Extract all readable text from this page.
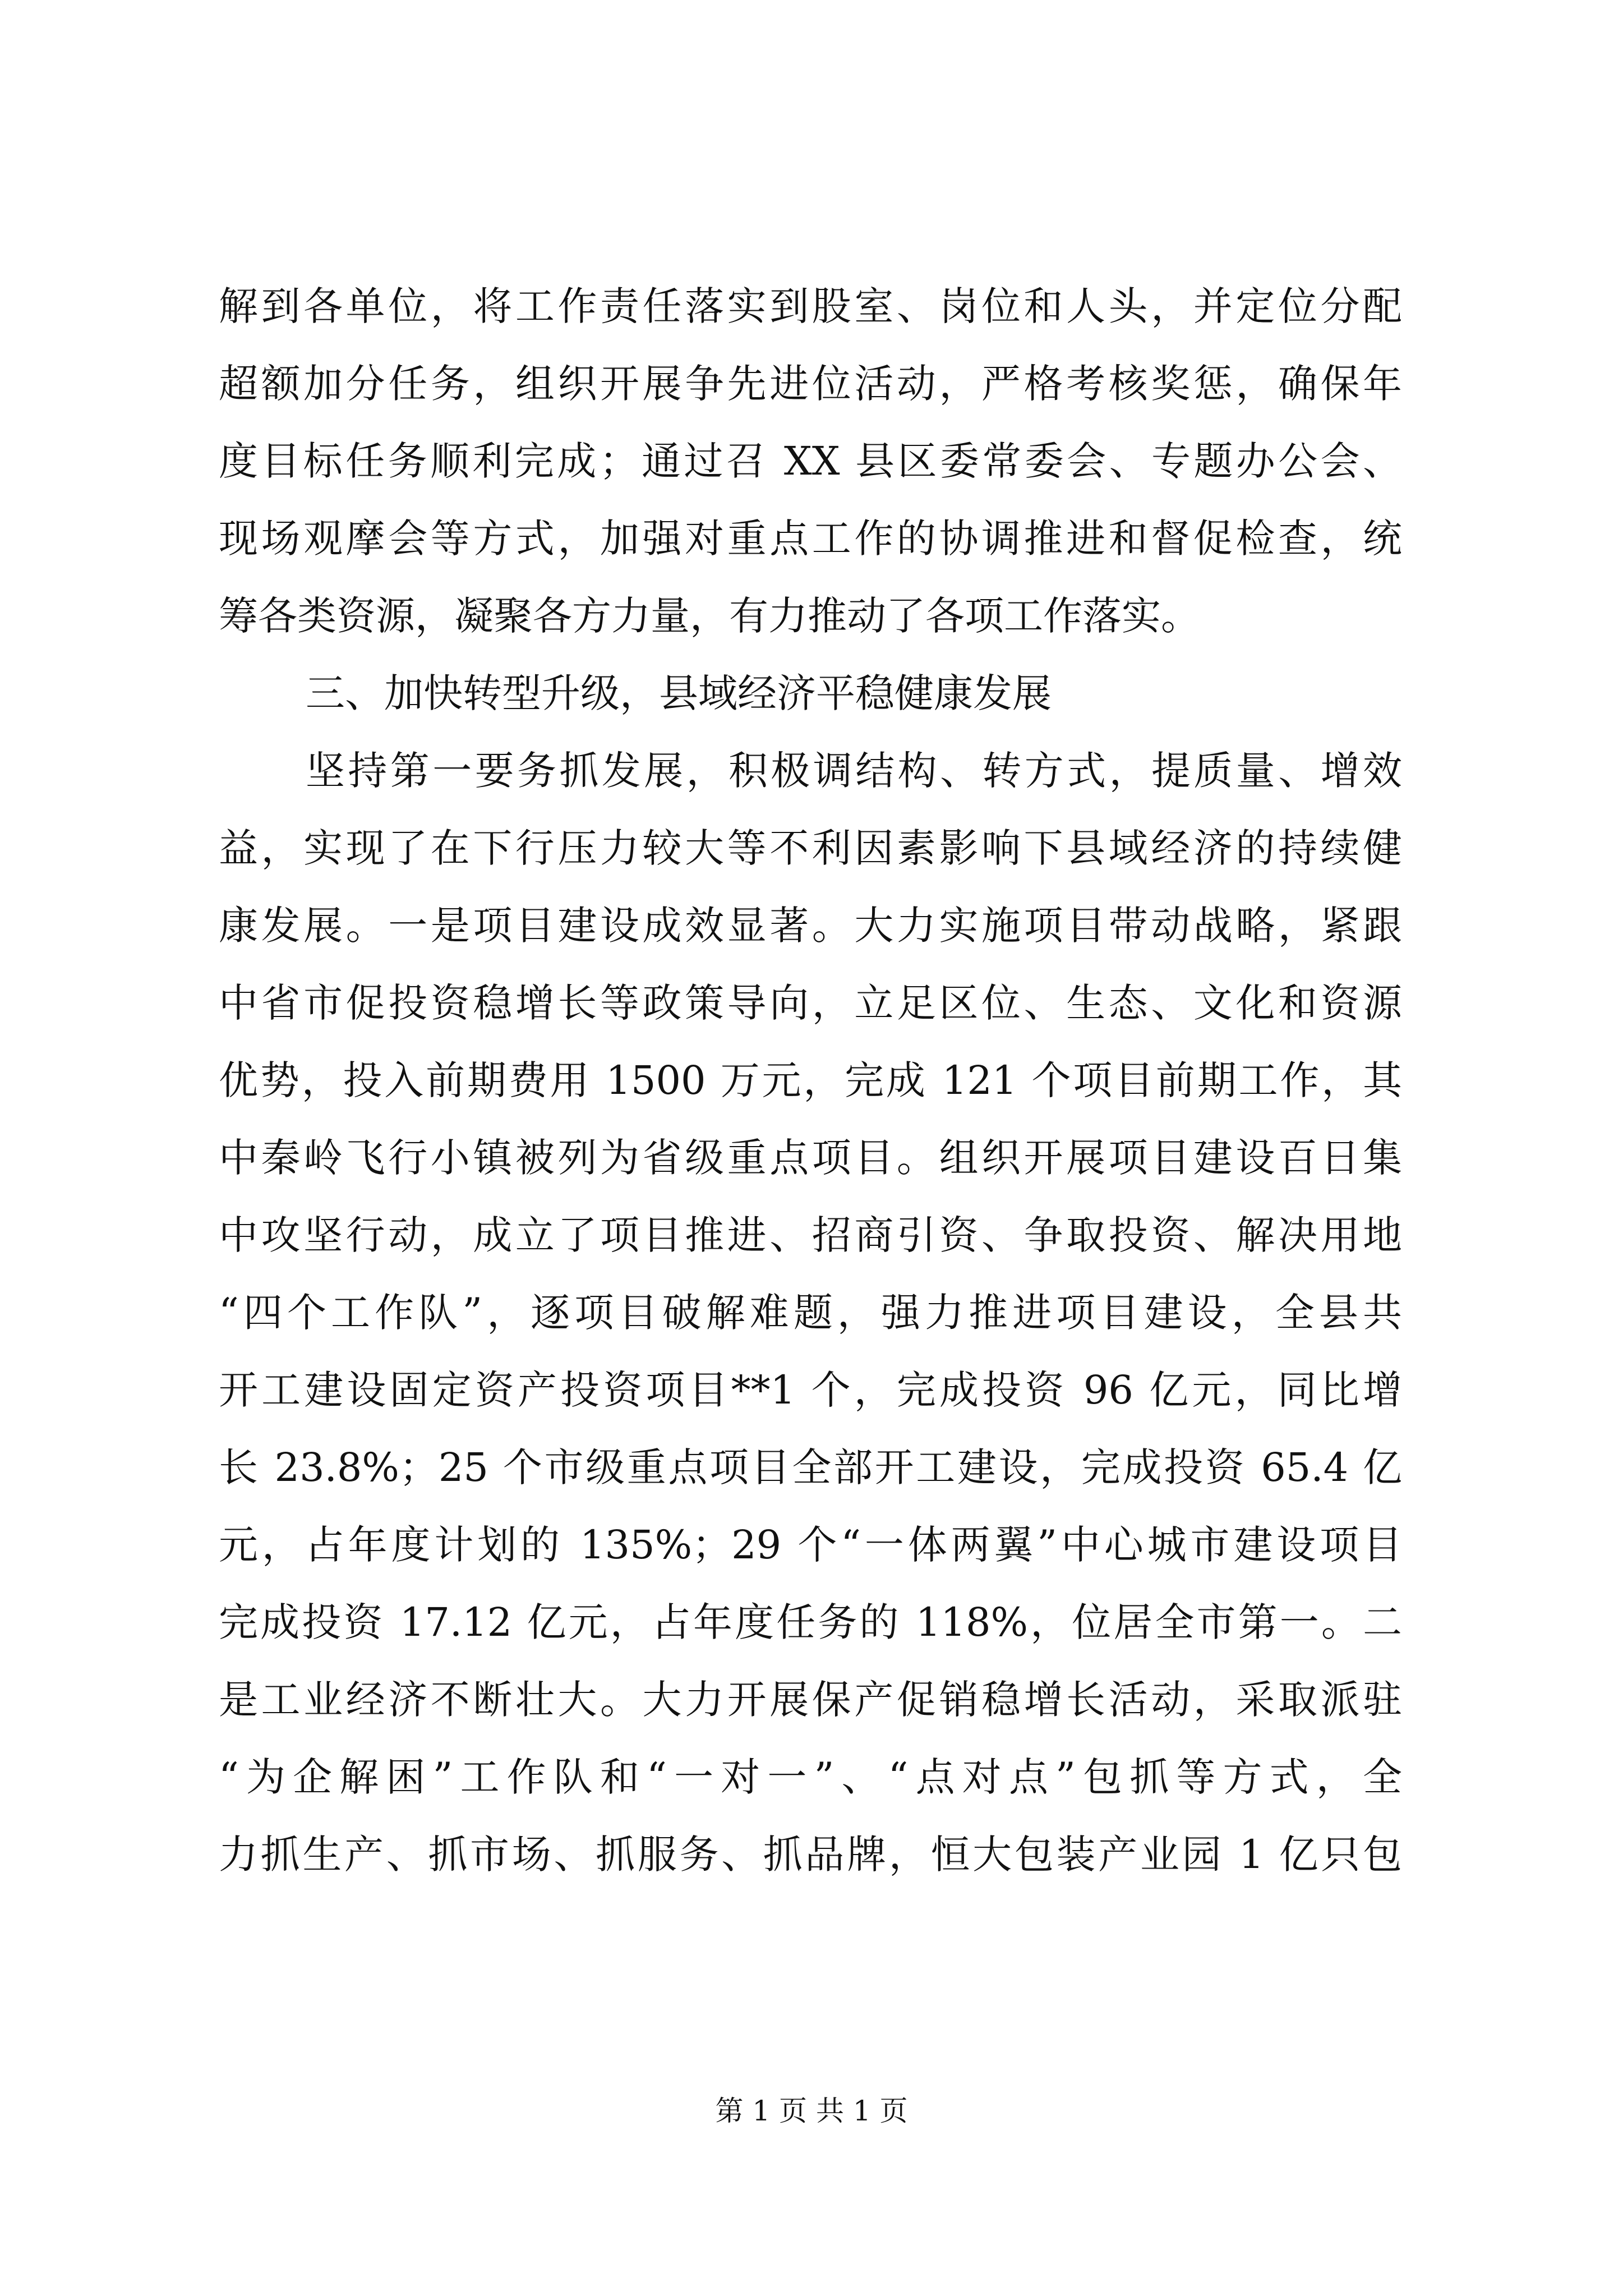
解到各单位，将工作责任落实到股室、岗位和人头，并定位分配

超额加分任务，组织开展争先进位活动，严格考核奖惩，确保年

度目标任务顺利完成；通过召 XX 县区委常委会、专题办公会、

现场观摩会等方式，加强对重点工作的协调推进和督促检查，统

筹各类资源，凝聚各方力量，有力推动了各项工作落实。

三、加快转型升级，县域经济平稳健康发展

坚持第一要务抓发展，积极调结构、转方式，提质量、增效

益，实现了在下行压力较大等不利因素影响下县域经济的持续健

康发展。一是项目建设成效显著。大力实施项目带动战略，紧跟

中省市促投资稳增长等政策导向，立足区位、生态、文化和资源

优势，投入前期费用 1500 万元，完成 121 个项目前期工作，其

中秦岭飞行小镇被列为省级重点项目。组织开展项目建设百日集

中攻坚行动，成立了项目推进、招商引资、争取投资、解决用地

“四个工作队”，逐项目破解难题，强力推进项目建设，全县共

开工建设固定资产投资项目**1 个，完成投资 96 亿元，同比增

长 23.8%；25 个市级重点项目全部开工建设，完成投资 65.4 亿

元，占年度计划的 135%；29 个“一体两翼”中心城市建设项目

完成投资 17.12 亿元，占年度任务的 118%，位居全市第一。二

是工业经济不断壮大。大力开展保产促销稳增长活动，采取派驻

“为企解困”工作队和“一对一”、“点对点”包抓等方式，全

力抓生产、抓市场、抓服务、抓品牌，恒大包装产业园 1 亿只包

第 1 页 共 1 页
